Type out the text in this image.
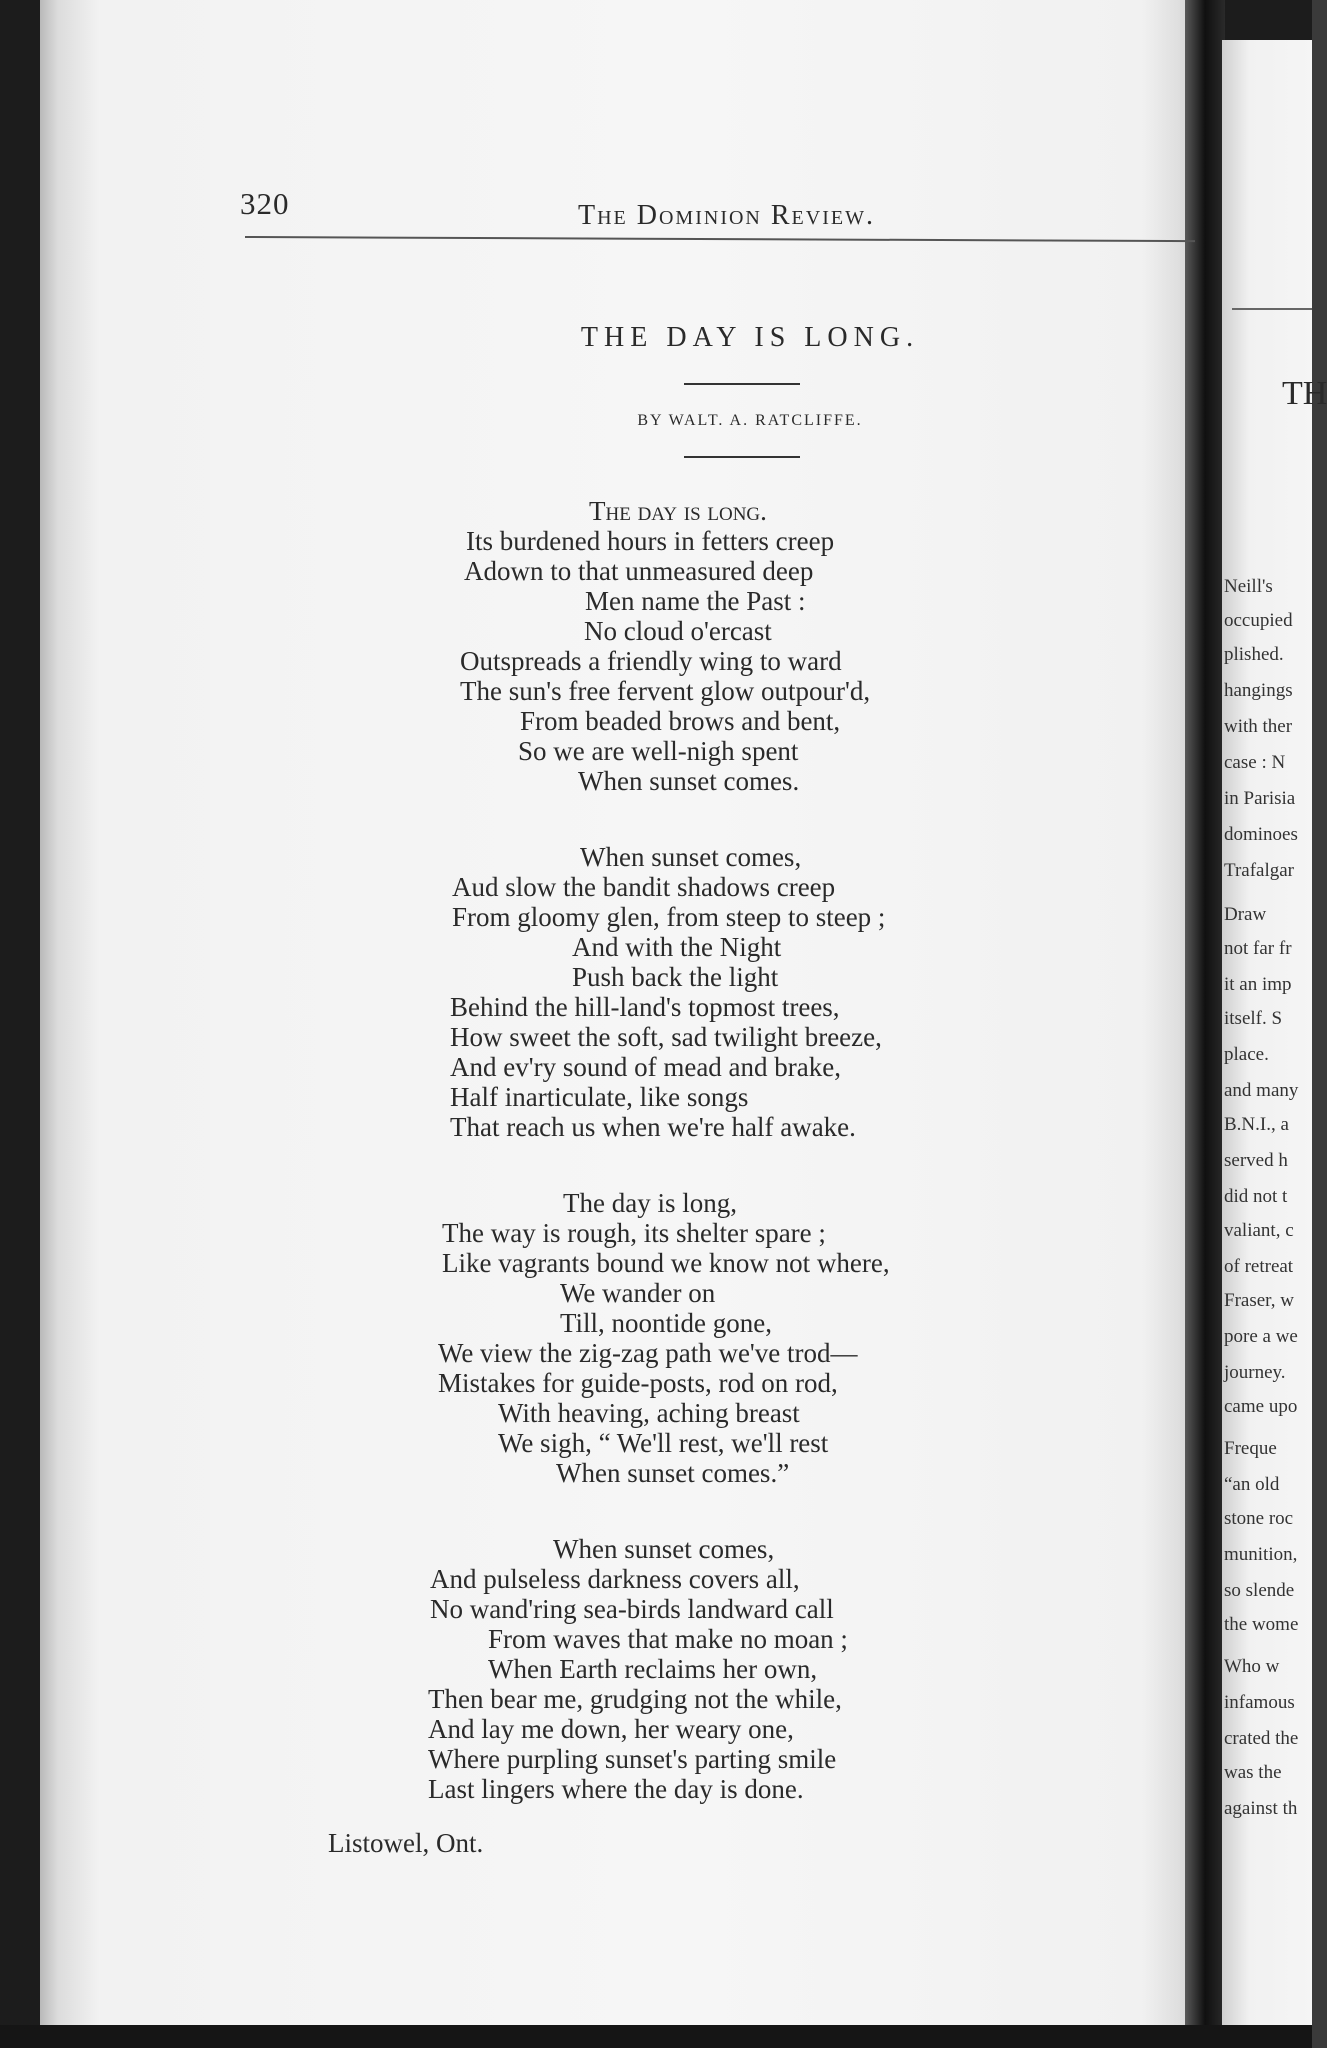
TH
Neill's
occupied
plished.
hangings
with ther
case : N
in Parisia
dominoes
Trafalgar
Draw
not far fr
it an imp
itself. S
place.
and many
B.N.I., a
served h
did not t
valiant, c
of retreat
Fraser, w
pore a we
journey.
came upo
Freque
“an old
stone roc
munition,
so slende
the wome
Who w
infamous
crated the
was the
against th
320	The Dominion Review.
THE DAY IS LONG.
BY WALT. A. RATCLIFFE.
The day is long.
Its burdened hours in fetters creep
Adown to that unmeasured deep
Men name the Past :
No cloud o'ercast
Outspreads a friendly wing to ward
The sun's free fervent glow outpour'd,
From beaded brows and bent,
So we are well-nigh spent
When sunset comes.
When sunset comes,
Aud slow the bandit shadows creep
From gloomy glen, from steep to steep ;
And with the Night
Push back the light
Behind the hill-land's topmost trees,
How sweet the soft, sad twilight breeze,
And ev'ry sound of mead and brake,
Half inarticulate, like songs
That reach us when we're half awake.
The day is long,
The way is rough, its shelter spare ;
Like vagrants bound we know not where,
We wander on
Till, noontide gone,
We view the zig-zag path we've trod—
Mistakes for guide-posts, rod on rod,
With heaving, aching breast
We sigh, “ We'll rest, we'll rest
When sunset comes.”
When sunset comes,
And pulseless darkness covers all,
No wand'ring sea-birds landward call
From waves that make no moan ;
When Earth reclaims her own,
Then bear me, grudging not the while,
And lay me down, her weary one,
Where purpling sunset's parting smile
Last lingers where the day is done.
Listowel, Ont.
